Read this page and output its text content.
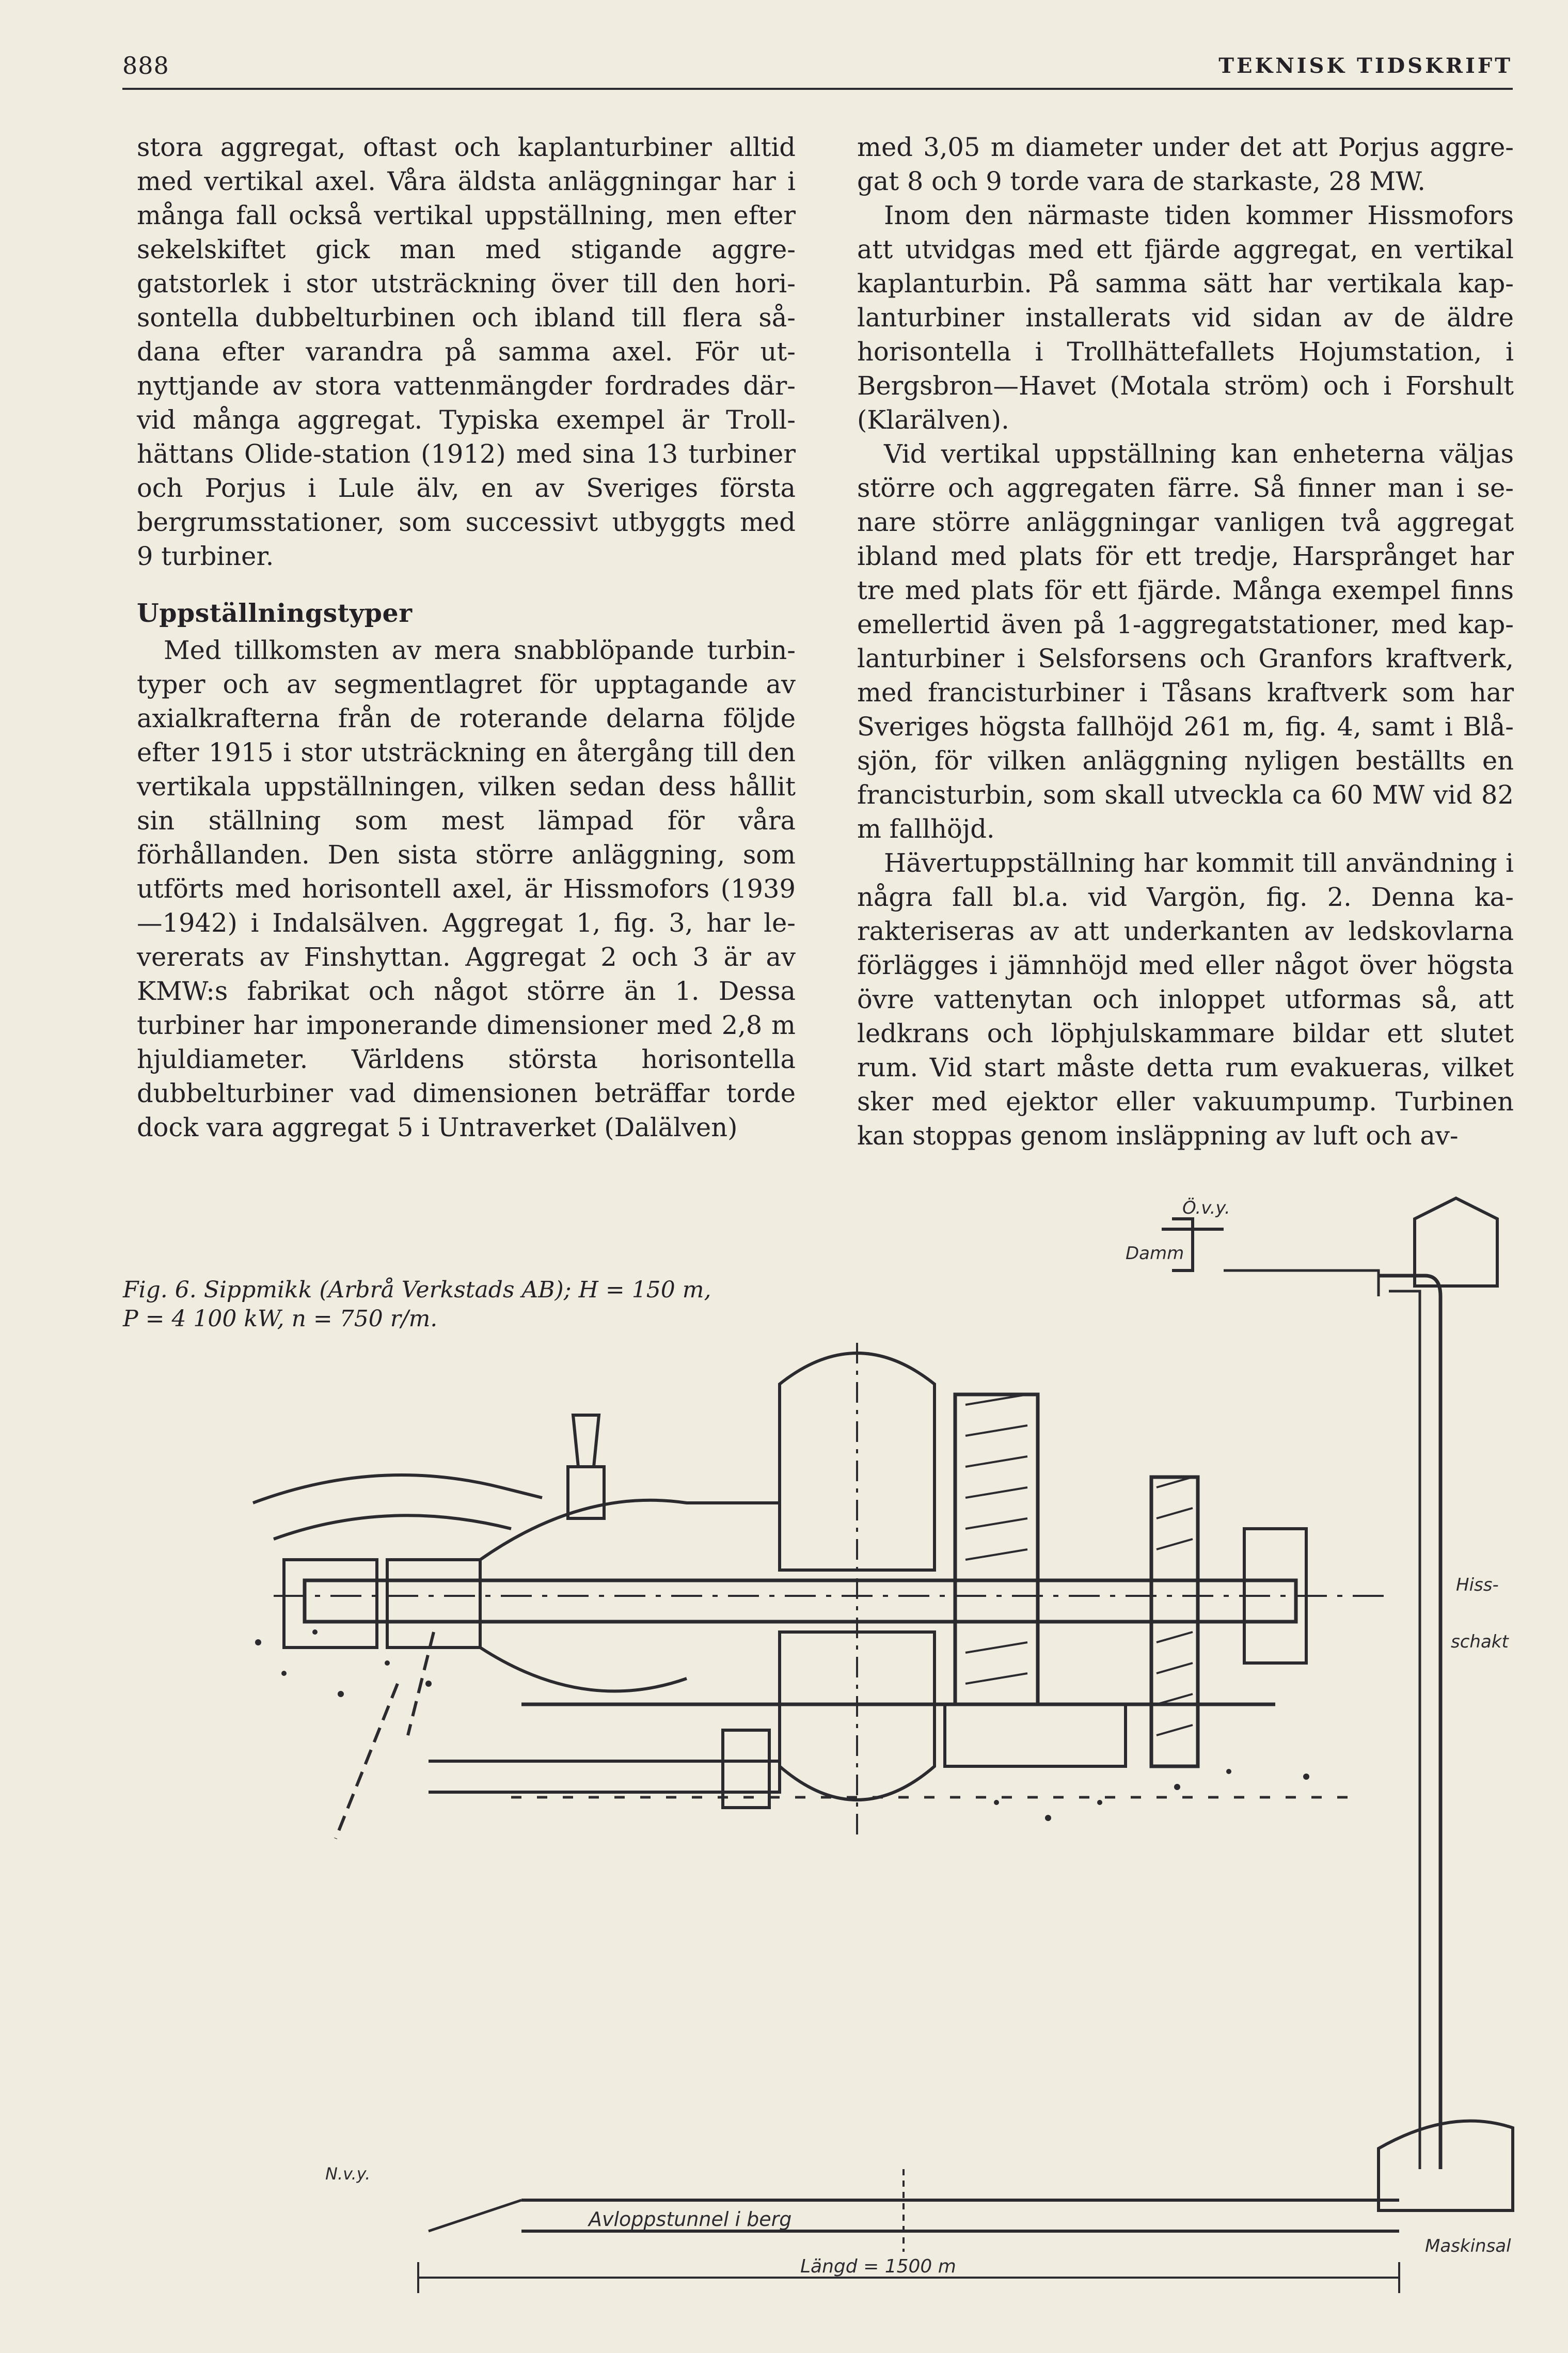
888	TEKNISK TIDSKRIFT

stora aggregat, oftast och kaplanturbiner alltid med vertikal axel. Våra äldsta anläggningar har i många fall också vertikal uppställning, men efter sekelskiftet gick man med stigande aggregatstorlek i stor utsträckning över till den horisontella dubbelturbinen och ibland till flera sådana efter varandra på samma axel. För utnyttjande av stora vattenmängder fordrades därvid många aggregat. Typiska exempel är Trollhättans Olide-station (1912) med sina 13 turbiner och Porjus i Lule älv, en av Sveriges första bergrumsstationer, som successivt utbyggts med 9 turbiner.

Uppställningstyper

Med tillkomsten av mera snabblöpande turbintyper och av segmentlagret för upptagande av axialkrafterna från de roterande delarna följde efter 1915 i stor utsträckning en återgång till den vertikala uppställningen, vilken sedan dess hållit sin ställning som mest lämpad för våra förhållanden. Den sista större anläggning, som utförts med horisontell axel, är Hissmofors (1939 —1942) i Indalsälven. Aggregat 1, fig. 3, har levererats av Finshyttan. Aggregat 2 och 3 är av KMW:s fabrikat och något större än 1. Dessa turbiner har imponerande dimensioner med 2,8 m hjuldiameter. Världens största horisontella dubbelturbiner vad dimensionen beträffar torde dock vara aggregat 5 i Untraverket (Dalälven)

med 3,05 m diameter under det att Porjus aggregat 8 och 9 torde vara de starkaste, 28 MW.

Inom den närmaste tiden kommer Hissmofors att utvidgas med ett fjärde aggregat, en vertikal kaplanturbin. På samma sätt har vertikala kaplanturbiner installerats vid sidan av de äldre horisontella i Trollhättefallets Hojumstation, i Bergsbron—Havet (Motala ström) och i Forshult (Klarälven).

Vid vertikal uppställning kan enheterna väljas större och aggregaten färre. Så finner man i senare större anläggningar vanligen två aggregat ibland med plats för ett tredje, Harsprånget har tre med plats för ett fjärde. Många exempel finns emellertid även på 1-aggregatstationer, med kaplanturbiner i Selsforsens och Granfors kraftverk, med francisturbiner i Tåsans kraftverk som har Sveriges högsta fallhöjd 261 m, fig. 4, samt i Blåsjön, för vilken anläggning nyligen beställts en francisturbin, som skall utveckla ca 60 MW vid 82 m fallhöjd.

Hävertuppställning har kommit till användning i några fall bl.a. vid Vargön, fig. 2. Denna karakteriseras av att underkanten av ledskovlarna förlägges i jämnhöjd med eller något över högsta övre vattenytan och inloppet utformas så, att ledkrans och löphjulskammare bildar ett slutet rum. Vid start måste detta rum evakueras, vilket sker med ejektor eller vakuumpump. Turbinen kan stoppas genom insläppning av luft och av-

Fig. 6. Sippmikk (Arbrå Verkstads AB); H = 150 m,
P = 4 100 kW, n = 750 r/m.
Ö.v.y.
Damm
Hiss-
schakt
N.v.y.
Avloppstunnel i berg
Maskinsal
Längd = 1500 m
